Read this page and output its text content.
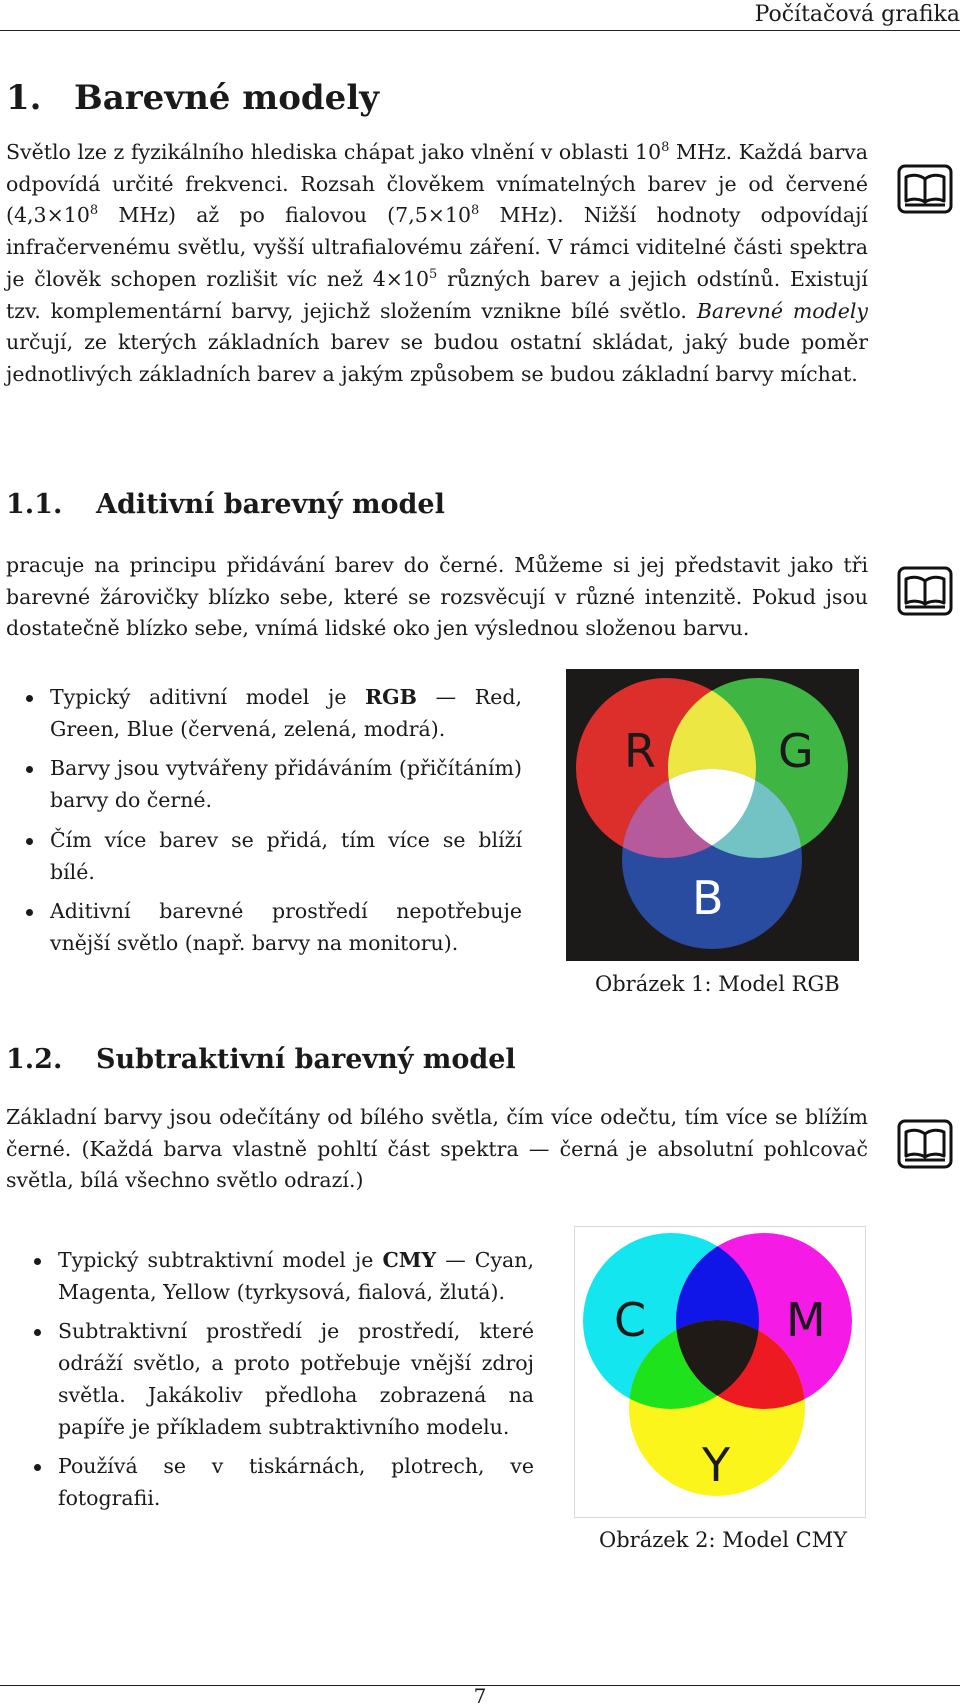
Počítačová grafika
1. Barevné modely

Světlo lze z fyzikálního hlediska chápat jako vlnění v oblasti $10^8$ MHz. Každá barva odpovídá určité frekvenci. Rozsah člověkem vnímatelných barev je od červené ($4,3\times 10^8$ MHz) až po fialovou ($7,5\times 10^8$ MHz). Nižší hodnoty odpovídají infračervenému světlu, vyšší ultrafialovému záření. V rámci viditelné části spektra je člověk schopen rozlišit víc než $4\times 10^5$ různých barev a jejich odstínů. Existují tzv. komplementární barvy, jejichž složením vznikne bílé světlo. Barevné modely určují, ze kterých základních barev se budou ostatní skládat, jaký bude poměr jednotlivých základních barev a jakým způsobem se budou základní barvy míchat.

1.1. Aditivní barevný model

pracuje na principu přidávání barev do černé. Můžeme si jej představit jako tři barevné žárovičky blízko sebe, které se rozsvěcují v různé intenzitě. Pokud jsou dostatečně blízko sebe, vnímá lidské oko jen výslednou složenou barvu.

Typický aditivní model je RGB — Red, Green, Blue (červená, zelená, modrá).
Barvy jsou vytvářeny přidáváním (přičítáním) barvy do černé.
Čím více barev se přidá, tím více se blíží bílé.
Aditivní barevné prostředí nepotřebuje vnější světlo (např. barvy na monitoru).
R	G
B
Obrázek 1: Model RGB
1.2. Subtraktivní barevný model

Základní barvy jsou odečítány od bílého světla, čím více odečtu, tím více se blížím černé. (Každá barva vlastně pohltí část spektra — černá je absolutní pohlcovač světla, bílá všechno světlo odrazí.)

Typický subtraktivní model je CMY — Cyan, Magenta, Yellow (tyrkysová, fialová, žlutá).
Subtraktivní prostředí je prostředí, které odráží světlo, a proto potřebuje vnější zdroj světla. Jakákoliv předloha zobrazená na papíře je příkladem subtraktivního modelu.
Používá se v tiskárnách, plotrech, ve fotografii.
C	M
Y
Obrázek 2: Model CMY
7
